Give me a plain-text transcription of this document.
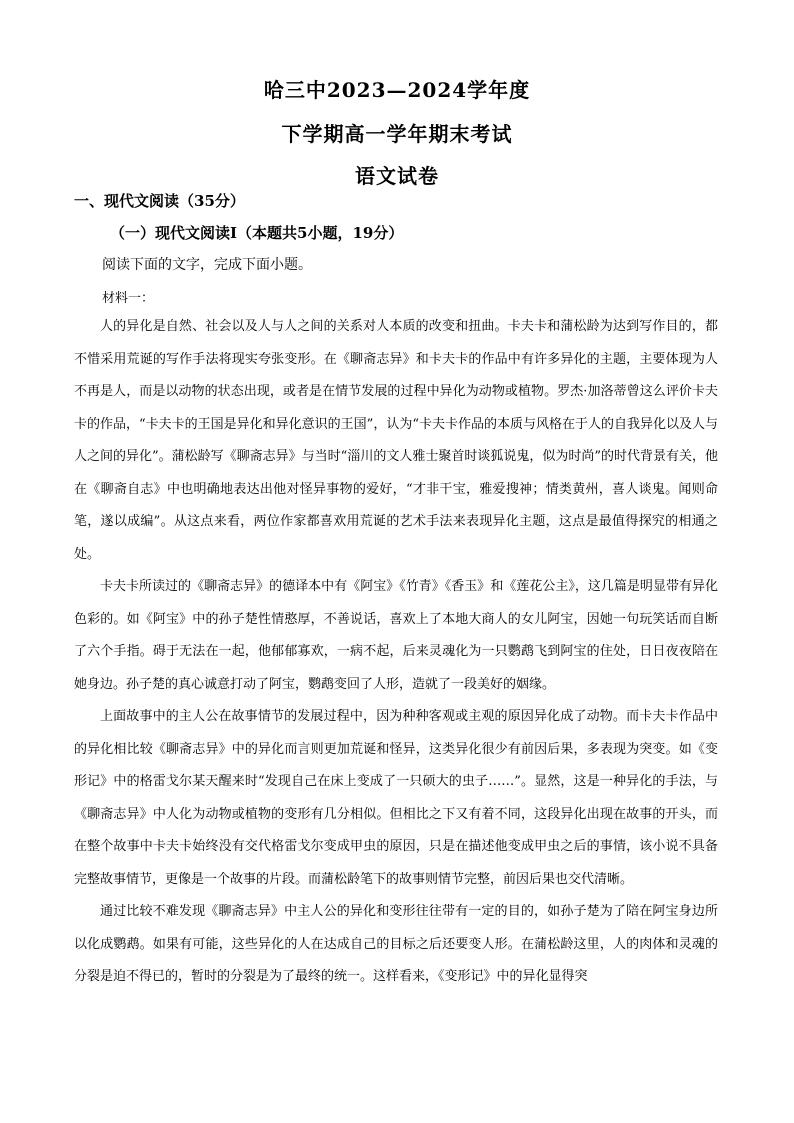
哈三中2023—2024学年度
下学期高一学年期末考试
语文试卷
一、现代文阅读（35分）
（一）现代文阅读Ⅰ（本题共5小题，19分）
阅读下面的文字，完成下面小题。
材料一：

人的异化是自然、社会以及人与人之间的关系对人本质的改变和扭曲。卡夫卡和蒲松龄为达到写作目的，都不惜采用荒诞的写作手法将现实夸张变形。在《聊斋志异》和卡夫卡的作品中有许多异化的主题，主要体现为人不再是人，而是以动物的状态出现，或者是在情节发展的过程中异化为动物或植物。罗杰·加洛蒂曾这么评价卡夫卡的作品，“卡夫卡的王国是异化和异化意识的王国”，认为“卡夫卡作品的本质与风格在于人的自我异化以及人与人之间的异化”。蒲松龄写《聊斋志异》与当时“淄川的文人雅士聚首时谈狐说鬼，似为时尚”的时代背景有关，他在《聊斋自志》中也明确地表达出他对怪异事物的爱好，“才非干宝，雅爱搜神；情类黄州，喜人谈鬼。闻则命笔，遂以成编”。从这点来看，两位作家都喜欢用荒诞的艺术手法来表现异化主题，这点是最值得探究的相通之处。

卡夫卡所读过的《聊斋志异》的德译本中有《阿宝》《竹青》《香玉》和《莲花公主》，这几篇是明显带有异化色彩的。如《阿宝》中的孙子楚性情憨厚，不善说话，喜欢上了本地大商人的女儿阿宝，因她一句玩笑话而自断了六个手指。碍于无法在一起，他郁郁寡欢，一病不起，后来灵魂化为一只鹦鹉飞到阿宝的住处，日日夜夜陪在她身边。孙子楚的真心诚意打动了阿宝，鹦鹉变回了人形，造就了一段美好的姻缘。

上面故事中的主人公在故事情节的发展过程中，因为种种客观或主观的原因异化成了动物。而卡夫卡作品中的异化相比较《聊斋志异》中的异化而言则更加荒诞和怪异，这类异化很少有前因后果，多表现为突变。如《变形记》中的格雷戈尔某天醒来时“发现自己在床上变成了一只硕大的虫子……”。显然，这是一种异化的手法，与《聊斋志异》中人化为动物或植物的变形有几分相似。但相比之下又有着不同，这段异化出现在故事的开头，而在整个故事中卡夫卡始终没有交代格雷戈尔变成甲虫的原因，只是在描述他变成甲虫之后的事情，该小说不具备完整故事情节，更像是一个故事的片段。而蒲松龄笔下的故事则情节完整，前因后果也交代清晰。

通过比较不难发现《聊斋志异》中主人公的异化和变形往往带有一定的目的，如孙子楚为了陪在阿宝身边所以化成鹦鹉。如果有可能，这些异化的人在达成自己的目标之后还要变人形。在蒲松龄这里，人的肉体和灵魂的分裂是迫不得已的，暂时的分裂是为了最终的统一。这样看来，《变形记》中的异化显得突
